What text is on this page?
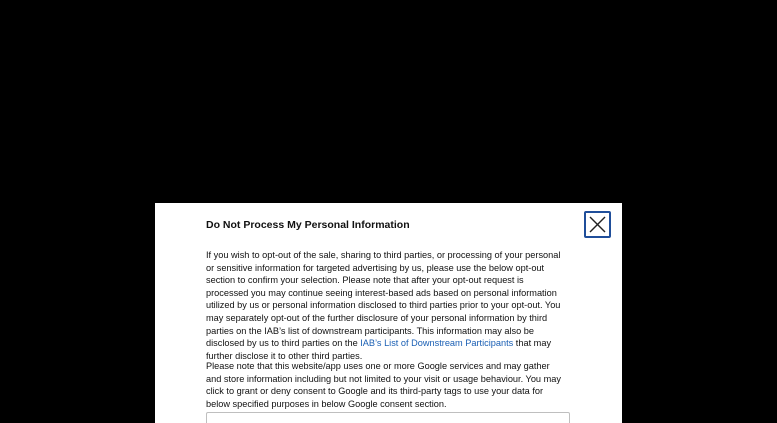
Do Not Process My Personal Information

If you wish to opt-out of the sale, sharing to third parties, or processing of your personal or sensitive information for targeted advertising by us, please use the below opt-out section to confirm your selection. Please note that after your opt-out request is processed you may continue seeing interest-based ads based on personal information utilized by us or personal information disclosed to third parties prior to your opt-out. You may separately opt-out of the further disclosure of your personal information by third parties on the IAB’s list of downstream participants. This information may also be disclosed by us to third parties on the IAB’s List of Downstream Participants that may further disclose it to other third parties.

Please note that this website/app uses one or more Google services and may gather and store information including but not limited to your visit or usage behaviour. You may click to grant or deny consent to Google and its third-party tags to use your data for below specified purposes in below Google consent section.
